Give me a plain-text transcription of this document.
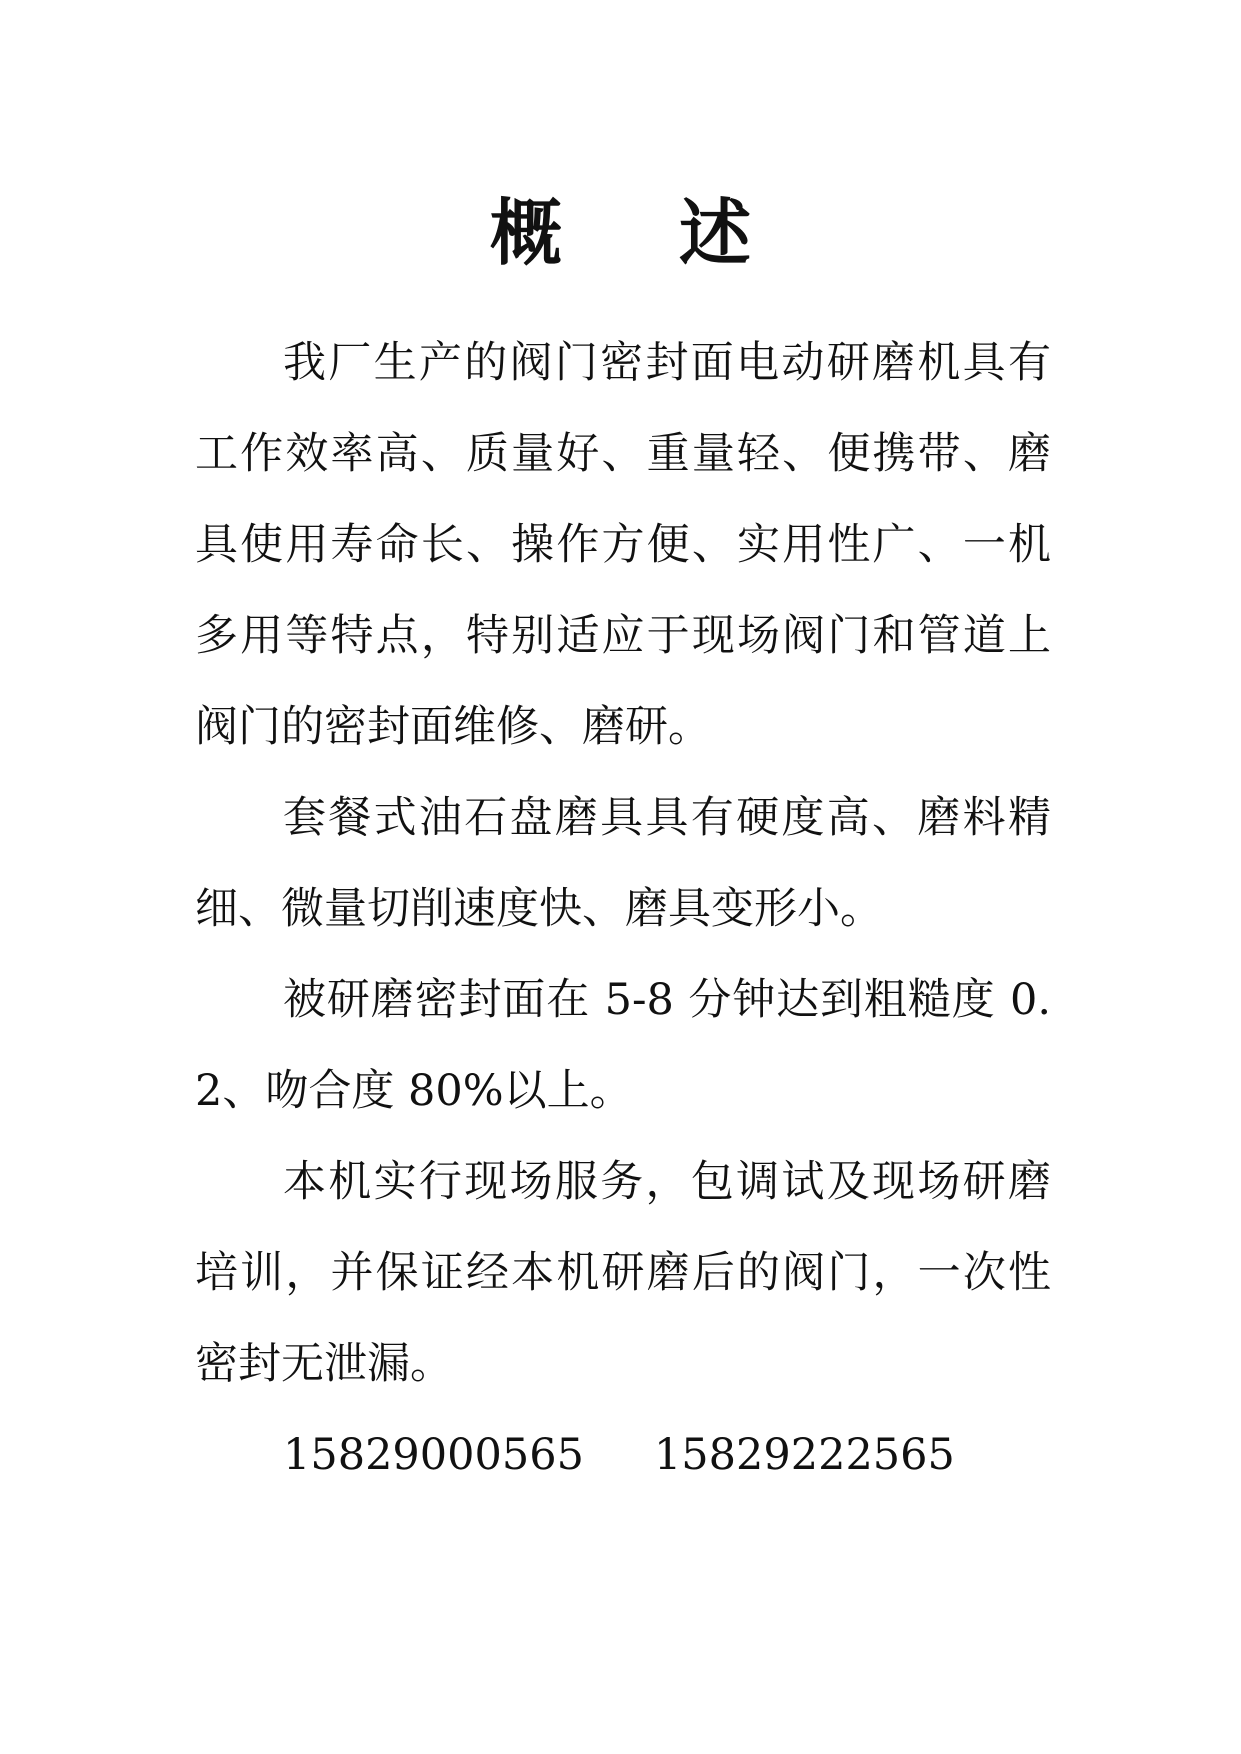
概 述

我厂生产的阀门密封面电动研磨机具有工作效率高、质量好、重量轻、便携带、磨具使用寿命长、操作方便、实用性广、一机多用等特点，特别适应于现场阀门和管道上阀门的密封面维修、磨研。

套餐式油石盘磨具具有硬度高、磨料精细、微量切削速度快、磨具变形小。

被研磨密封面在 5-8 分钟达到粗糙度 0.2、吻合度 80%以上。

本机实行现场服务，包调试及现场研磨培训，并保证经本机研磨后的阀门，一次性密封无泄漏。

15829000565 15829222565
